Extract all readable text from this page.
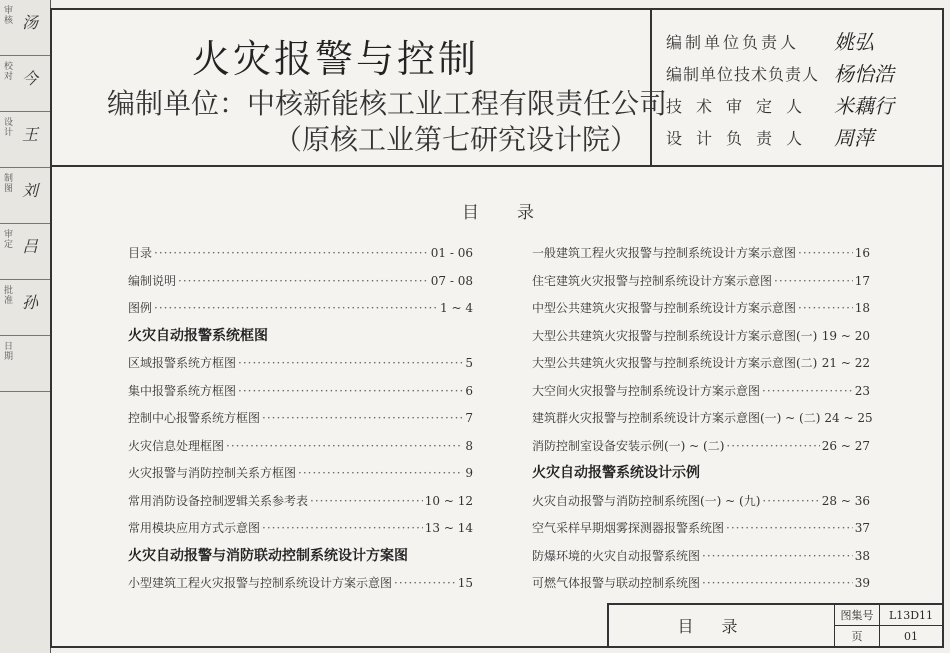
审核 汤
校对 今
设计 王
制图 刘
审定 吕
批准 孙
日期
火灾报警与控制
编制单位：中核新能核工业工程有限责任公司
（原核工业第七研究设计院）
编制单位负责人 姚弘
编制单位技术负责人 杨怡浩
技术审定人 米藕行
设计负责人 周萍
目录
目录 ·····	01 - 06
编制说明 ·····	07 - 08
图例 ·····	1 ~ 4
火灾自动报警系统框图
区域报警系统方框图 ·····	5
集中报警系统方框图 ·····	6
控制中心报警系统方框图 ·····	7
火灾信息处理框图 ·····	8
火灾报警与消防控制关系方框图 ·····	9
常用消防设备控制逻辑关系参考表 ·····	10 ~ 12
常用模块应用方式示意图 ·····	13 ~ 14
火灾自动报警与消防联动控制系统设计方案图
小型建筑工程火灾报警与控制系统设计方案示意图 ·····	15
一般建筑工程火灾报警与控制系统设计方案示意图 ·····	16
住宅建筑火灾报警与控制系统设计方案示意图 ·····	17
中型公共建筑火灾报警与控制系统设计方案示意图 ·····	18
大型公共建筑火灾报警与控制系统设计方案示意图(一) ····· 19 ~ 20
大型公共建筑火灾报警与控制系统设计方案示意图(二) ····· 21 ~ 22
大空间火灾报警与控制系统设计方案示意图 ·····	23
建筑群火灾报警与控制系统设计方案示意图(一) ~ (二) 24 ~ 25
消防控制室设备安装示例(一) ~ (二) ·····	26 ~ 27
火灾自动报警系统设计示例
火灾自动报警与消防控制系统图(一) ~ (九) ·····	28 ~ 36
空气采样早期烟雾探测器报警系统图 ·····	37
防爆环境的火灾自动报警系统图 ·····	38
可燃气体报警与联动控制系统图 ·····	39
目录
图集号	L13D11
页	01
